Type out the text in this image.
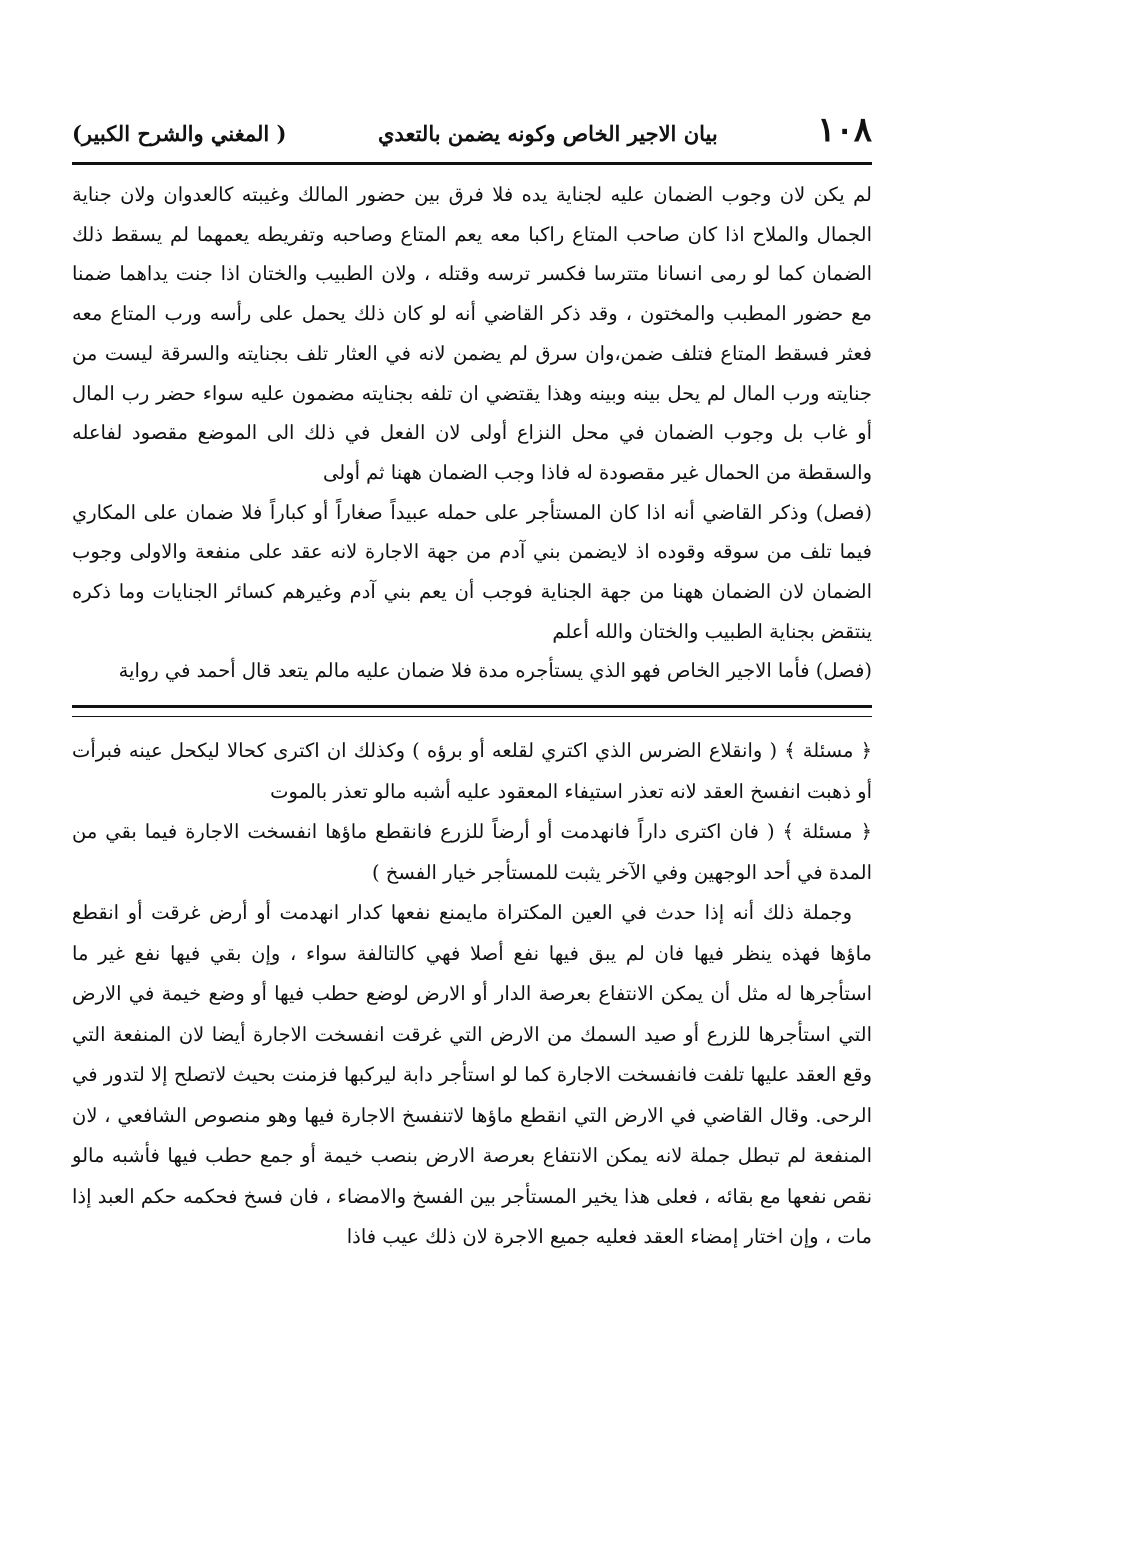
١٠٨
بيان الاجير الخاص وكونه يضمن بالتعدي
( المغني والشرح الكبير)

لم يكن لان وجوب الضمان عليه لجناية يده فلا فرق بين حضور المالك وغيبته كالعدوان ولان جناية الجمال والملاح اذا كان صاحب المتاع راكبا معه يعم المتاع وصاحبه وتفريطه يعمهما لم يسقط ذلك الضمان كما لو رمى انسانا متترسا فكسر ترسه وقتله ، ولان الطبيب والختان اذا جنت يداهما ضمنا مع حضور المطبب والمختون ، وقد ذكر القاضي أنه لو كان ذلك يحمل على رأسه ورب المتاع معه فعثر فسقط المتاع فتلف ضمن،وان سرق لم يضمن لانه في العثار تلف بجنايته والسرقة ليست من جنايته ورب المال لم يحل بينه وبينه وهذا يقتضي ان تلفه بجنايته مضمون عليه سواء حضر رب المال أو غاب بل وجوب الضمان في محل النزاع أولى لان الفعل في ذلك الى الموضع مقصود لفاعله والسقطة من الحمال غير مقصودة له فاذا وجب الضمان ههنا ثم أولى

(فصل) وذكر القاضي أنه اذا كان المستأجر على حمله عبيداً صغاراً أو كباراً فلا ضمان على المكاري فيما تلف من سوقه وقوده اذ لايضمن بني آدم من جهة الاجارة لانه عقد على منفعة والاولى وجوب الضمان لان الضمان ههنا من جهة الجناية فوجب أن يعم بني آدم وغيرهم كسائر الجنايات وما ذكره ينتقض بجناية الطبيب والختان والله أعلم

(فصل) فأما الاجير الخاص فهو الذي يستأجره مدة فلا ضمان عليه مالم يتعد قال أحمد في رواية

﴿ مسئلة ﴾ ( وانقلاع الضرس الذي اكتري لقلعه أو برؤه ) وكذلك ان اكترى كحالا ليكحل عينه فبرأت أو ذهبت انفسخ العقد لانه تعذر استيفاء المعقود عليه أشبه مالو تعذر بالموت

﴿ مسئلة ﴾ ( فان اكترى داراً فانهدمت أو أرضاً للزرع فانقطع ماؤها انفسخت الاجارة فيما بقي من المدة في أحد الوجهين وفي الآخر يثبت للمستأجر خيار الفسخ )

وجملة ذلك أنه إذا حدث في العين المكتراة مايمنع نفعها كدار انهدمت أو أرض غرقت أو انقطع ماؤها فهذه ينظر فيها فان لم يبق فيها نفع أصلا فهي كالتالفة سواء ، وإن بقي فيها نفع غير ما استأجرها له مثل أن يمكن الانتفاع بعرصة الدار أو الارض لوضع حطب فيها أو وضع خيمة في الارض التي استأجرها للزرع أو صيد السمك من الارض التي غرقت انفسخت الاجارة أيضا لان المنفعة التي وقع العقد عليها تلفت فانفسخت الاجارة كما لو استأجر دابة ليركبها فزمنت بحيث لاتصلح إلا لتدور في الرحى. وقال القاضي في الارض التي انقطع ماؤها لاتنفسخ الاجارة فيها وهو منصوص الشافعي ، لان المنفعة لم تبطل جملة لانه يمكن الانتفاع بعرصة الارض بنصب خيمة أو جمع حطب فيها فأشبه مالو نقص نفعها مع بقائه ، فعلى هذا يخير المستأجر بين الفسخ والامضاء ، فان فسخ فحكمه حكم العبد إذا مات ، وإن اختار إمضاء العقد فعليه جميع الاجرة لان ذلك عيب فاذا
